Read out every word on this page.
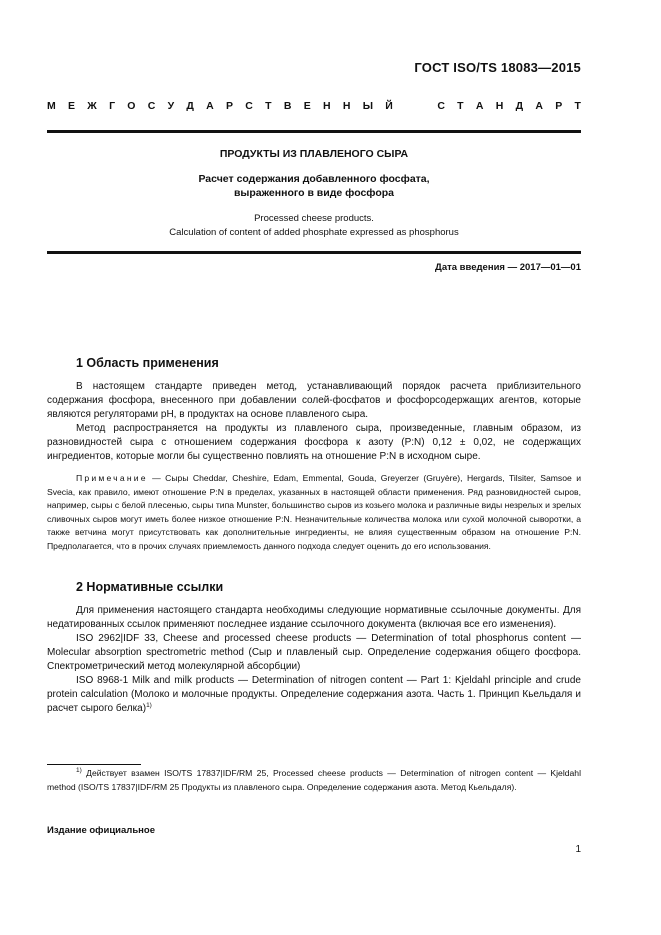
ГОСТ ISO/TS 18083—2015
М Е Ж Г О С У Д А Р С Т В Е Н Н Ы Й	С Т А Н Д А Р Т
ПРОДУКТЫ ИЗ ПЛАВЛЕНОГО СЫРА
Расчет содержания добавленного фосфата,
выраженного в виде фосфора
Processed cheese products.
Calculation of content of added phosphate expressed as phosphorus
Дата введения — 2017—01—01
1 Область применения

В настоящем стандарте приведен метод, устанавливающий порядок расчета приблизительного содержания фосфора, внесенного при добавлении солей-фосфатов и фосфорсодержащих агентов, которые являются регуляторами pH, в продуктах на основе плавленого сыра.

Метод распространяется на продукты из плавленого сыра, произведенные, главным образом, из разновидностей сыра с отношением содержания фосфора к азоту (P:N) 0,12 ± 0,02, не содержащих ингредиентов, которые могли бы существенно повлиять на отношение P:N в исходном сыре.

Примечание — Сыры Cheddar, Cheshire, Edam, Emmental, Gouda, Greyerzer (Gruyère), Hergards, Tilsiter, Samsoe и Svecia, как правило, имеют отношение P:N в пределах, указанных в настоящей области применения. Ряд разновидностей сыров, например, сыры с белой плесенью, сыры типа Munster, большинство сыров из козьего молока и различные виды незрелых и зрелых сливочных сыров могут иметь более низкое отношение P:N. Незначительные количества молока или сухой молочной сыворотки, а также ветчина могут присутствовать как дополнительные ингредиенты, не влияя существенным образом на отношение P:N. Предполагается, что в прочих случаях приемлемость данного подхода следует оценить до его использования.

2 Нормативные ссылки

Для применения настоящего стандарта необходимы следующие нормативные ссылочные документы. Для недатированных ссылок применяют последнее издание ссылочного документа (включая все его изменения).

ISO 2962|IDF 33, Cheese and processed cheese products — Determination of total phosphorus content — Molecular absorption spectrometric method (Сыр и плавленый сыр. Определение содержания общего фосфора. Спектрометрический метод молекулярной абсорбции)

ISO 8968-1 Milk and milk products — Determination of nitrogen content — Part 1: Kjeldahl principle and crude protein calculation (Молоко и молочные продукты. Определение содержания азота. Часть 1. Принцип Кьельдаля и расчет сырого белка)$^{1)}$

$^{1)}$ Действует взамен ISO/TS 17837|IDF/RM 25, Processed cheese products — Determination of nitrogen content — Kjeldahl method (ISO/TS 17837|IDF/RM 25 Продукты из плавленого сыра. Определение содержания азота. Метод Кьельдаля).

Издание официальное
1
